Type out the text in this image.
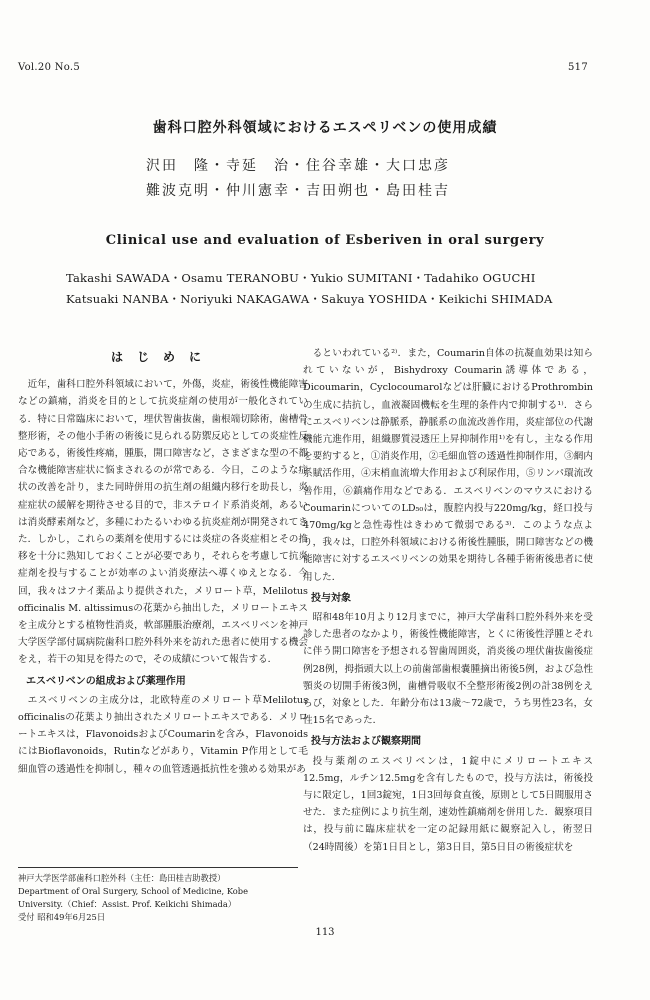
Vol.20 No.5	517
歯科口腔外科領域におけるエスペリベンの使用成績
沢田　隆・寺延　治・住谷幸雄・大口忠彦
難波克明・仲川憲幸・吉田朔也・島田桂吉
Clinical use and evaluation of Esberiven in oral surgery
Takashi SAWADA・Osamu TERANOBU・Yukio SUMITANI・Tadahiko OGUCHI
Katsuaki NANBA・Noriyuki NAKAGAWA・Sakuya YOSHIDA・Keikichi SHIMADA
はじめに

近年，歯科口腔外科領域において，外傷，炎症，術後性機能障害などの鎮痛，消炎を目的として抗炎症剤の使用が一般化されている．特に日常臨床において，埋伏智歯抜歯，歯根端切除術，歯槽骨整形術，その他小手術の術後に見られる防禦反応としての炎症性反応である，術後性疼痛，腫脹，開口障害など，さまざまな型の不都合な機能障害症状に悩まされるのが常である．今日，このような症状の改善を計り，また同時併用の抗生剤の組織内移行を助長し，炎症症状の緩解を期待させる目的で，非ステロイド系消炎剤，あるいは消炎酵素剤など，多種にわたるいわゆる抗炎症剤が開発されてきた．しかし，これらの薬剤を使用するには炎症の各炎症相とその推移を十分に熟知しておくことが必要であり，それらを考慮して抗炎症剤を投与することが効率のよい消炎療法へ導くゆえとなる．今回，我々はフナイ薬品より提供された，メリロート草，Melilotus officinalis M. altissimusの花葉から抽出した，メリロートエキスを主成分とする植物性消炎，軟部腫脹治療剤，エスベリベンを神戸大学医学部付属病院歯科口腔外科外来を訪れた患者に使用する機会をえ，若干の知見を得たので，その成績について報告する．

エスベリベンの組成および薬理作用

エスベリベンの主成分は，北欧特産のメリロート草Melilotus officinalisの花葉より抽出されたメリロートエキスである．メリロートエキスは，FlavonoidsおよびCoumarinを含み，FlavonoidsにはBioflavonoids，Rutinなどがあり，Vitamin P作用として毛細血管の透過性を抑制し，種々の血管透過抵抗性を強める効果があ

るといわれている²⁾．また，Coumarin自体の抗凝血効果は知られていないが，Bishydroxy Coumarin誘導体である，Dicoumarin，Cyclocoumarolなどは肝臓におけるProthrombinの生成に拮抗し，血液凝固機転を生理的条件内で抑制する¹⁾．さらにエスベリベンは静脈系，静脈系の血流改善作用，炎症部位の代謝機能亢進作用，組織膠質浸透圧上昇抑制作用¹⁾を有し，主なる作用を要約すると，①消炎作用，②毛細血管の透過性抑制作用，③網内系賦活作用，④末梢血流増大作用および利尿作用，⑤リンパ環流改善作用，⑥鎮痛作用などである．エスベリベンのマウスにおけるCoumarinについてのLD₅₀は，腹腔内投与220mg/kg，経口投与470mg/kgと急性毒性はきわめて微弱である³⁾．このような点より，我々は，口腔外科領域における術後性腫脹，開口障害などの機能障害に対するエスベリベンの効果を期待し各種手術術後患者に使用した．

投与対象

昭和48年10月より12月までに，神戸大学歯科口腔外科外来を受診した患者のなかより，術後性機能障害，とくに術後性浮腫とそれに伴う開口障害を予想される智歯周囲炎，消炎後の埋伏歯抜歯後症例28例，拇指頭大以上の前歯部歯根嚢腫摘出術後5例，および急性顎炎の切開手術後3例，歯槽骨吸収不全整形術後2例の計38例をえらび，対象とした．年齢分布は13歳～72歳で，うち男性23名，女性15名であった．

投与方法および観察期間

投与薬剤のエスベリベンは，1錠中にメリロートエキス12.5mg，ルチン12.5mgを含有したもので，投与方法は，術後投与に限定し，1回3錠宛，1日3回毎食直後，原則として5日間服用させた．また症例により抗生剤，速効性鎮痛剤を併用した．観察項目は，投与前に臨床症状を一定の記録用紙に観察記入し，術翌日（24時間後）を第1日目とし，第3日目，第5日目の術後症状を

神戸大学医学部歯科口腔外科（主任：島田桂吉助教授）
Department of Oral Surgery, School of Medicine, Kobe
University.（Chief：Assist. Prof. Keikichi Shimada）
受付 昭和49年6月25日
113
